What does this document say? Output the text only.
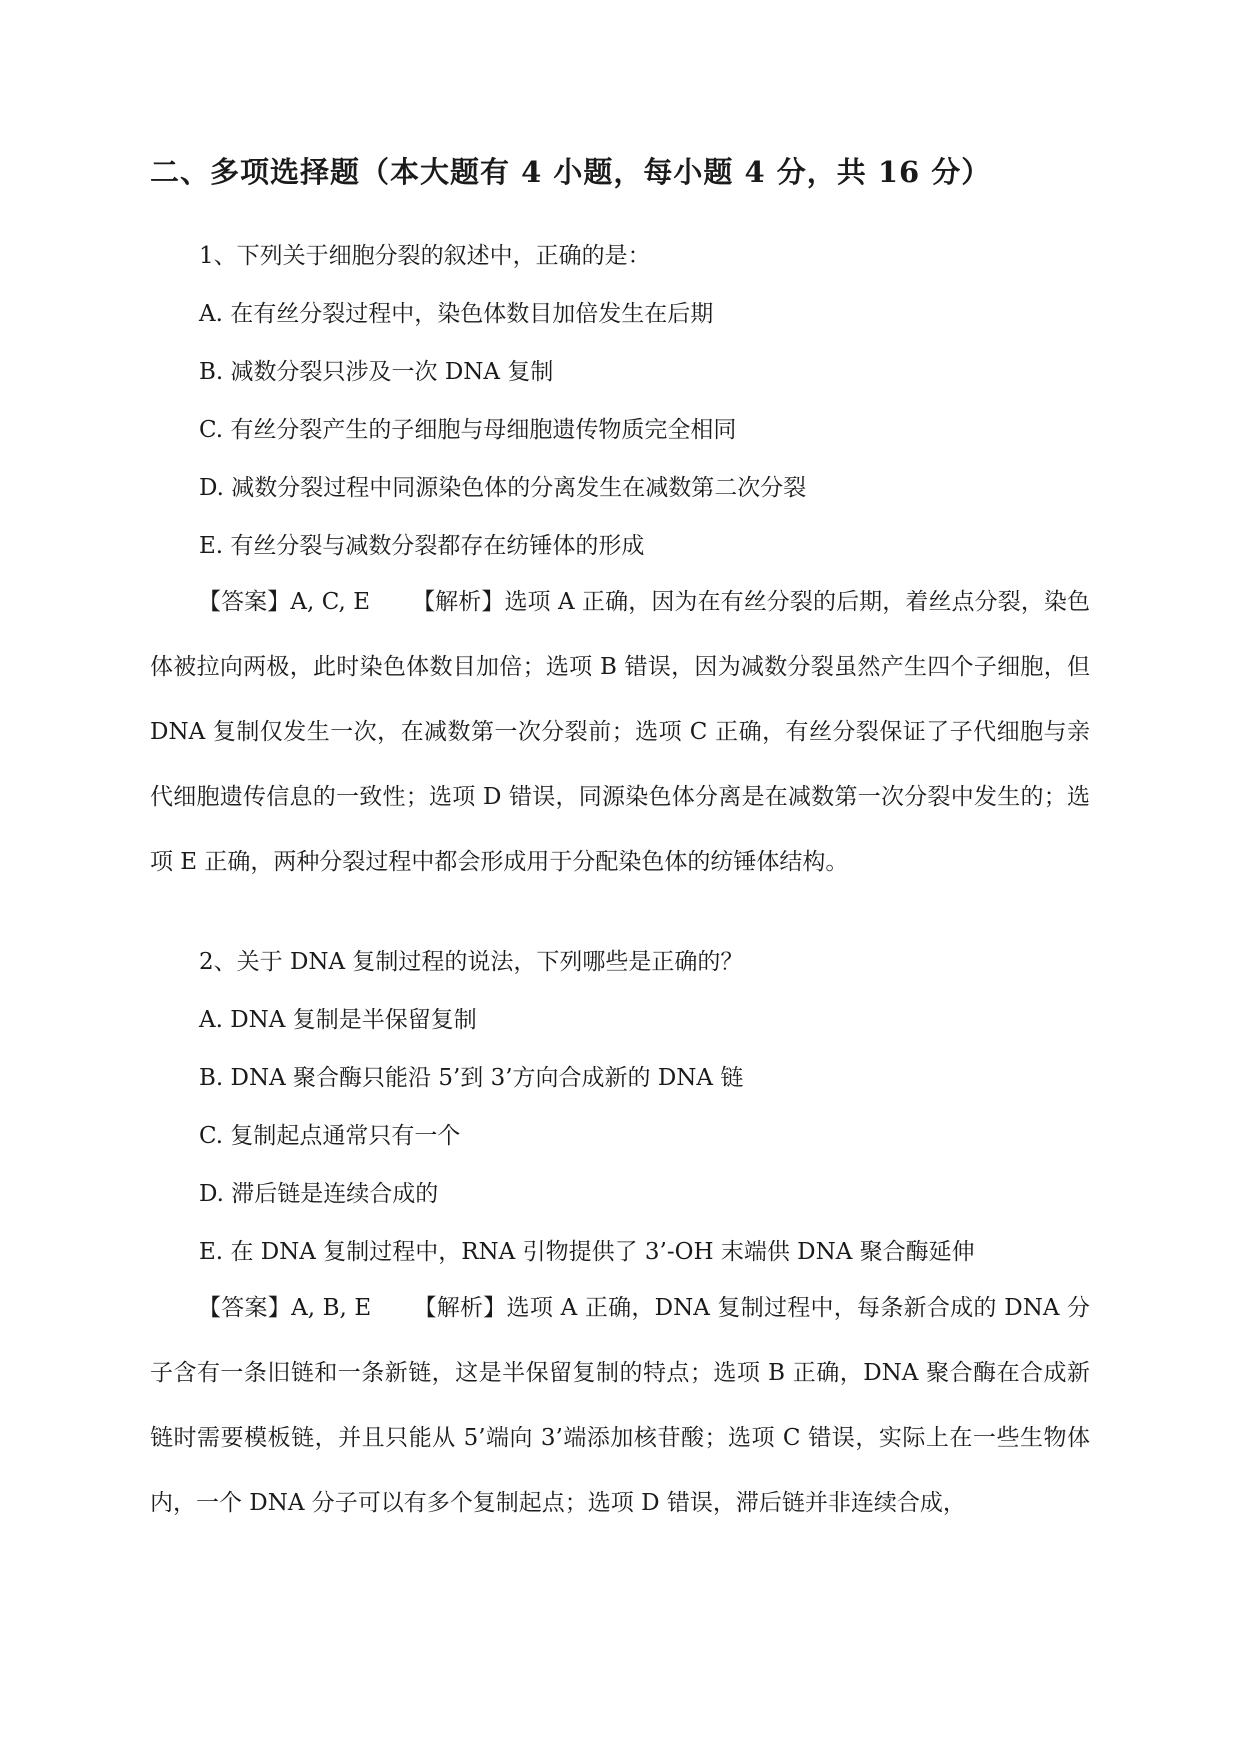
二、多项选择题（本大题有 4 小题，每小题 4 分，共 16 分）
1、下列关于细胞分裂的叙述中，正确的是：
A. 在有丝分裂过程中，染色体数目加倍发生在后期
B. 减数分裂只涉及一次 DNA 复制
C. 有丝分裂产生的子细胞与母细胞遗传物质完全相同
D. 减数分裂过程中同源染色体的分离发生在减数第二次分裂
E. 有丝分裂与减数分裂都存在纺锤体的形成
【答案】A, C, E 【解析】选项 A 正确，因为在有丝分裂的后期，着丝点分裂，染色体被拉向两极，此时染色体数目加倍；选项 B 错误，因为减数分裂虽然产生四个子细胞，但 DNA 复制仅发生一次，在减数第一次分裂前；选项 C 正确，有丝分裂保证了子代细胞与亲代细胞遗传信息的一致性；选项 D 错误，同源染色体分离是在减数第一次分裂中发生的；选项 E 正确，两种分裂过程中都会形成用于分配染色体的纺锤体结构。
2、关于 DNA 复制过程的说法，下列哪些是正确的？
A. DNA 复制是半保留复制
B. DNA 聚合酶只能沿 5’到 3’方向合成新的 DNA 链
C. 复制起点通常只有一个
D. 滞后链是连续合成的
E. 在 DNA 复制过程中，RNA 引物提供了 3’-OH 末端供 DNA 聚合酶延伸
【答案】A, B, E 【解析】选项 A 正确，DNA 复制过程中，每条新合成的 DNA 分子含有一条旧链和一条新链，这是半保留复制的特点；选项 B 正确，DNA 聚合酶在合成新链时需要模板链，并且只能从 5’端向 3’端添加核苷酸；选项 C 错误，实际上在一些生物体内，一个 DNA 分子可以有多个复制起点；选项 D 错误，滞后链并非连续合成，
